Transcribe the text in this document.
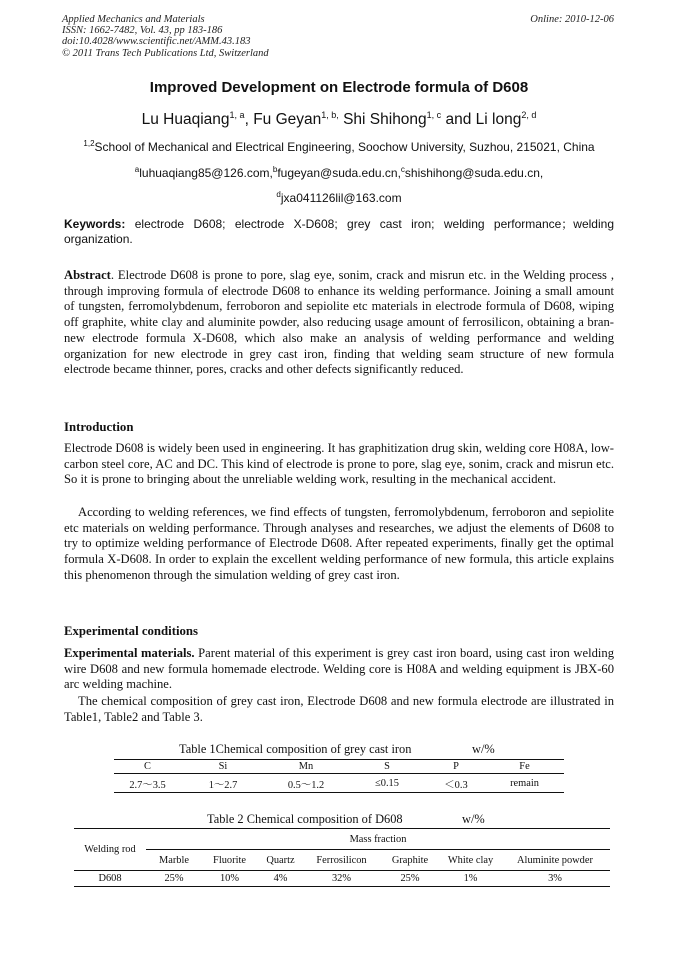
Applied Mechanics and Materials
ISSN: 1662-7482, Vol. 43, pp 183-186
doi:10.4028/www.scientific.net/AMM.43.183
© 2011 Trans Tech Publications Ltd, Switzerland
Online: 2010-12-06
Improved Development on Electrode formula of D608
Lu Huaqiang$^{1, a}$, Fu Geyan$^{1, b,}$ Shi Shihong$^{1, c}$ and Li long$^{2, d}$
$^{1,2}$School of Mechanical and Electrical Engineering, Soochow University, Suzhou, 215021, China
$^a$luhuaqiang85@126.com,$^b$fugeyan@suda.edu.cn,$^c$shishihong@suda.edu.cn,
$^d$jxa041126lil@163.com
Keywords: electrode D608; electrode X-D608; grey cast iron; welding performance；welding organization.
Abstract. Electrode D608 is prone to pore, slag eye, sonim, crack and misrun etc. in the Welding process , through improving formula of electrode D608 to enhance its welding performance. Joining a small amount of tungsten, ferromolybdenum, ferroboron and sepiolite etc materials in electrode formula of D608, wiping off graphite, white clay and aluminite powder, also reducing usage amount of ferrosilicon, obtaining a bran-new electrode formula X-D608, which also make an analysis of welding performance and welding organization for new electrode in grey cast iron, finding that welding seam structure of new formula electrode became thinner, pores, cracks and other defects significantly reduced.
Introduction
Electrode D608 is widely been used in engineering. It has graphitization drug skin, welding core H08A, low-carbon steel core, AC and DC. This kind of electrode is prone to pore, slag eye, sonim, crack and misrun etc. So it is prone to bringing about the unreliable welding work, resulting in the mechanical accident.
According to welding references, we find effects of tungsten, ferromolybdenum, ferroboron and sepiolite etc materials on welding performance. Through analyses and researches, we adjust the elements of D608 to try to optimize welding performance of Electrode D608. After repeated experiments, finally get the optimal formula X-D608. In order to explain the excellent welding performance of new formula, this article explains this phenomenon through the simulation welding of grey cast iron.
Experimental conditions
Experimental materials. Parent material of this experiment is grey cast iron board, using cast iron welding wire D608 and new formula homemade electrode. Welding core is H08A and welding equipment is JBX-60 arc welding machine.
The chemical composition of grey cast iron, Electrode D608 and new formula electrode are illustrated in Table1, Table2 and Table 3.
Table 1Chemical composition of grey cast iron	w/%
C	Si	Mn	S	P	Fe
2.7～3.5	1～2.7	0.5～1.2	≤0.15	＜0.3	remain
Table 2 Chemical composition of D608	w/%
Welding rod	Mass fraction						
	Marble	Fluorite	Quartz	Ferrosilicon	Graphite	White clay	Aluminite powder
D608	25%	10%	4%	32%	25%	1%	3%
